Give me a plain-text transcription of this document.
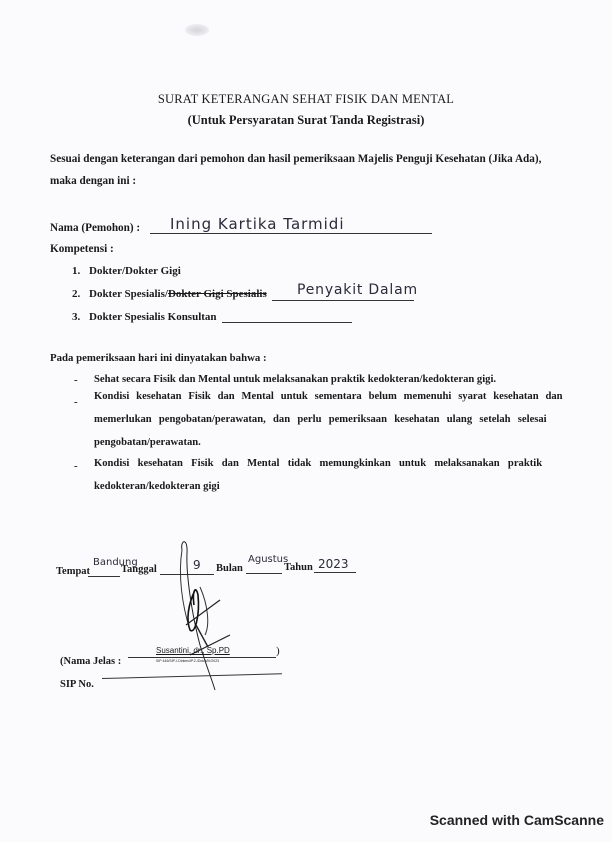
SURAT KETERANGAN SEHAT FISIK DAN MENTAL
(Untuk Persyaratan Surat Tanda Registrasi)
Sesuai dengan keterangan dari pemohon dan hasil pemeriksaan Majelis Penguji Kesehatan (Jika Ada),
maka dengan ini :
Nama (Pemohon) : Ining Kartika Tarmidi
Kompetensi :
1. Dokter/Dokter Gigi
2. Dokter Spesialis/Dokter Gigi Spesialis Penyakit Dalam
3. Dokter Spesialis Konsultan
Pada pemeriksaan hari ini dinyatakan bahwa :
- Sehat secara Fisik dan Mental untuk melaksanakan praktik kedokteran/kedokteran gigi.
- Kondisi kesehatan Fisik dan Mental untuk sementara belum memenuhi syarat kesehatan dan
memerlukan pengobatan/perawatan, dan perlu pemeriksaan kesehatan ulang setelah selesai
pengobatan/perawatan.
- Kondisi kesehatan Fisik dan Mental tidak memungkinkan untuk melaksanakan praktik
kedokteran/kedokteran gigi
Tempat
Bandung
Tanggal	9 Bulan
Agustus
Tahun 2023
(Nama Jelas :
Susantini, dr., Sp.PD
SIP 446/SIP-I-Dinkes/IP.2-/Dok/VIII/2023
)
SIP No.
Scanned with CamScanne
